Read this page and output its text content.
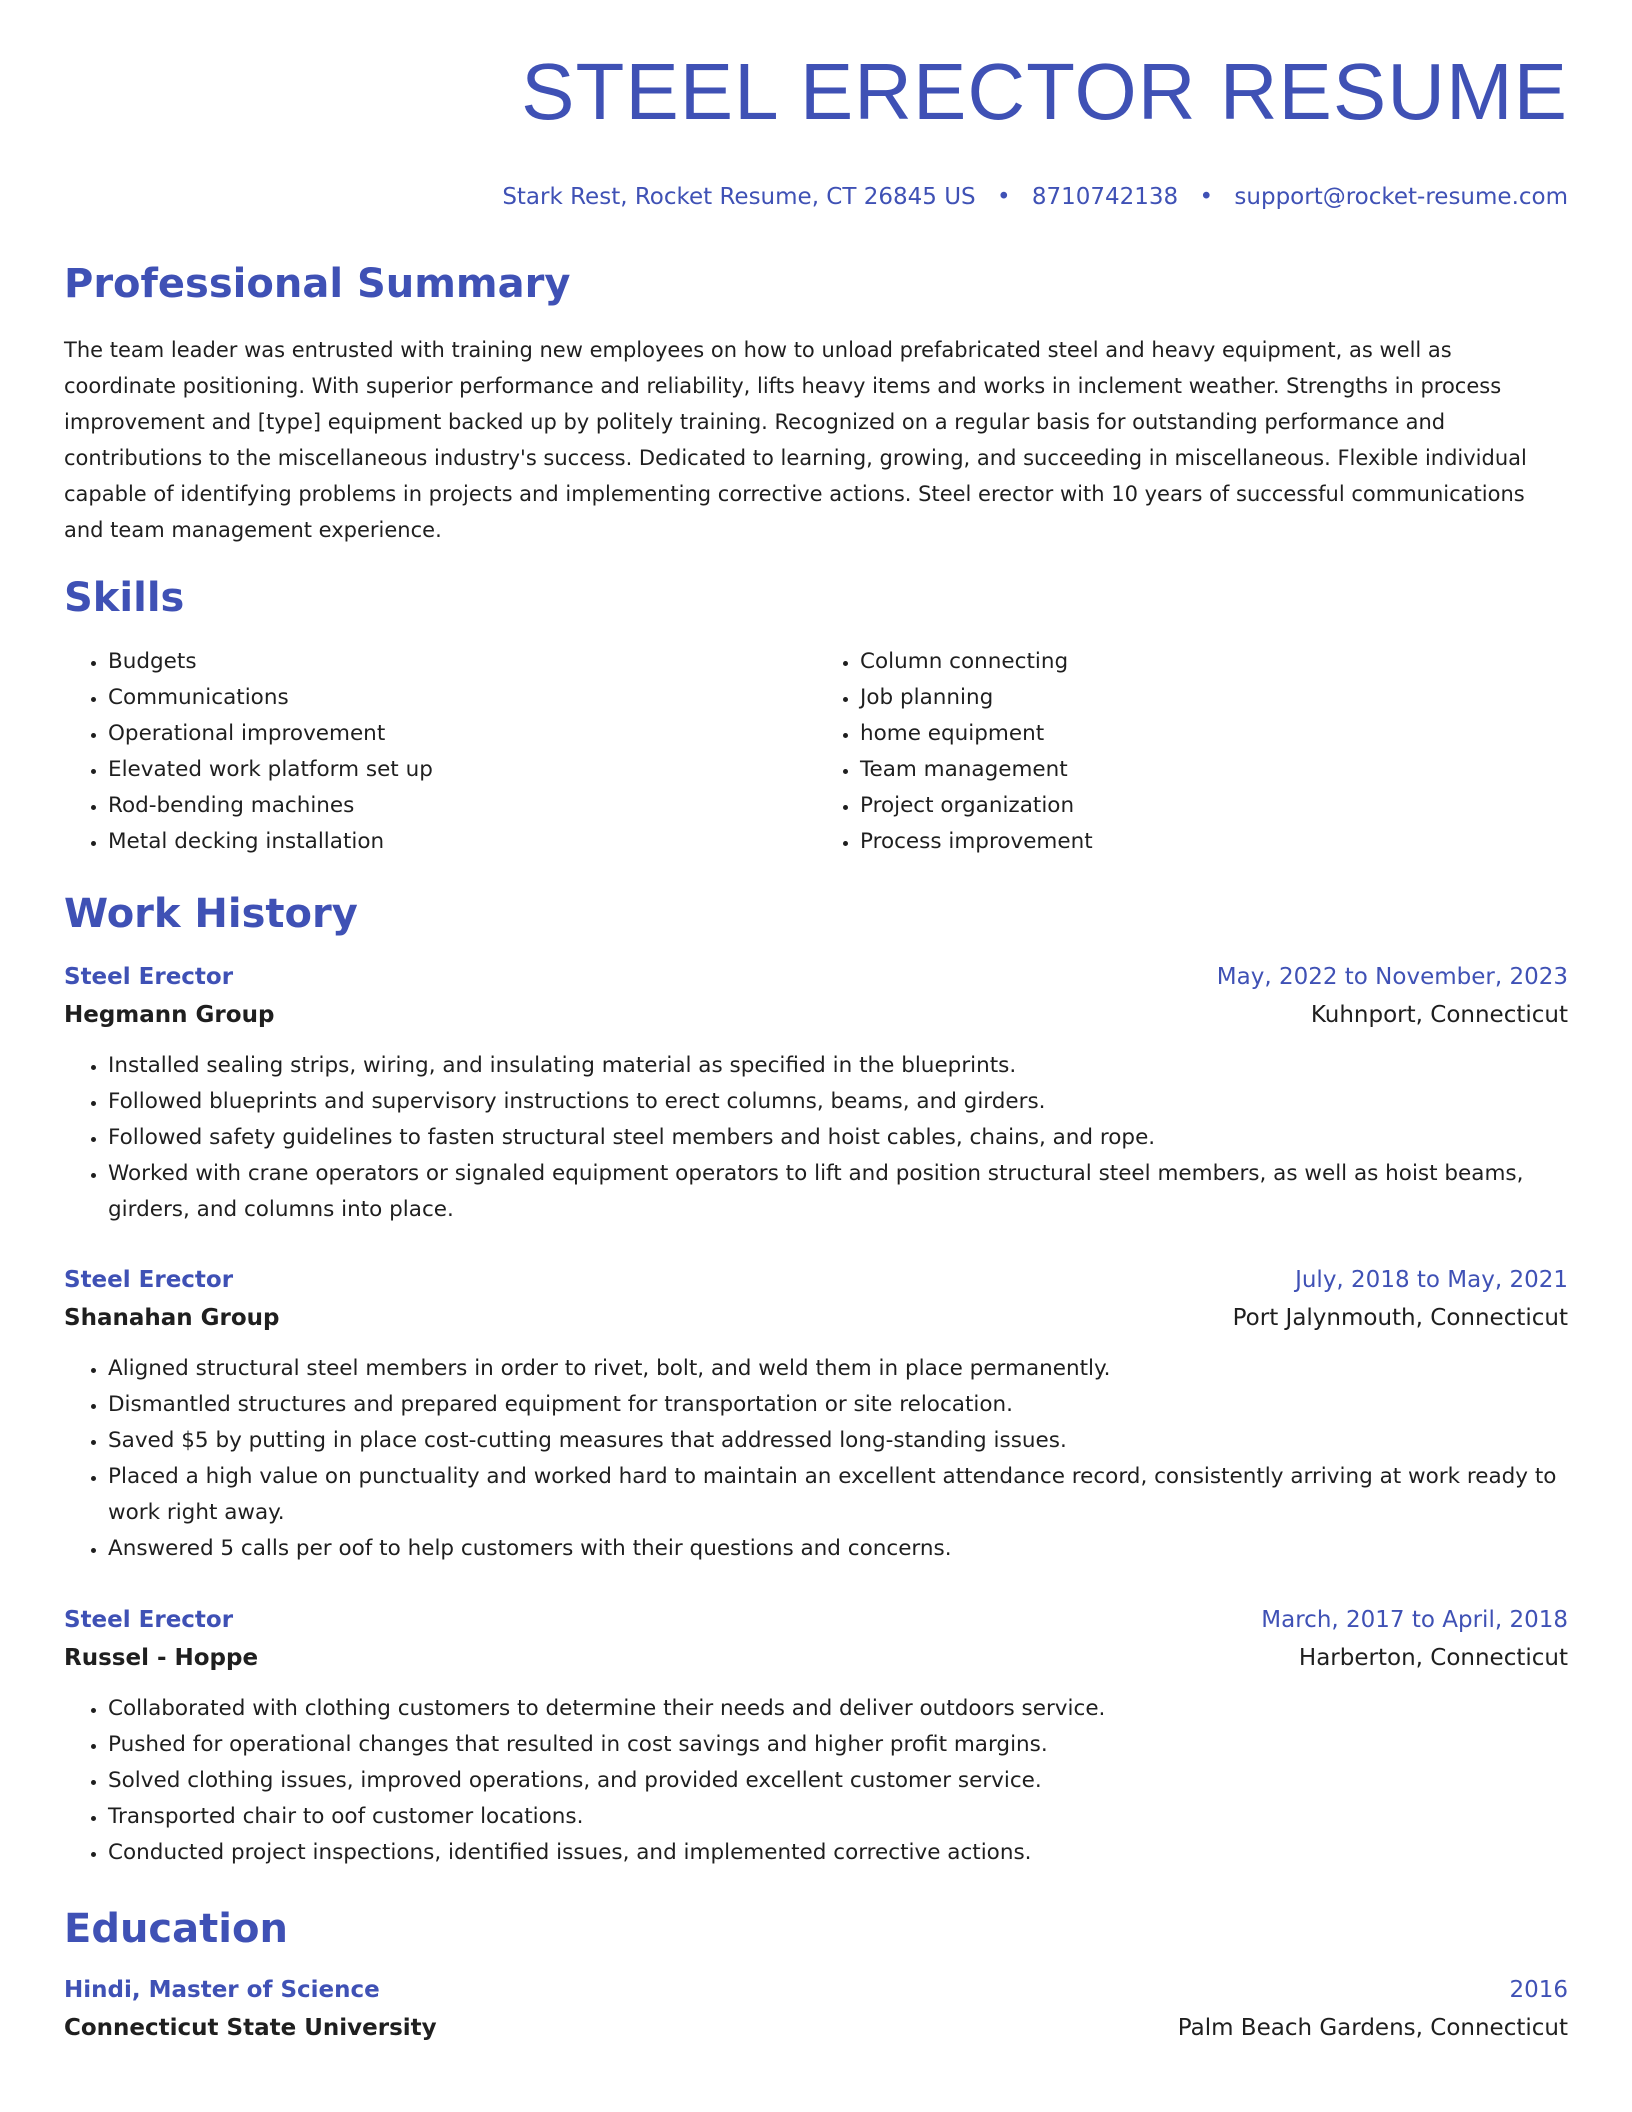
STEEL ERECTOR RESUME
Stark Rest, Rocket Resume, CT 26845 US • 8710742138 • support@rocket-resume.com
Professional Summary

The team leader was entrusted with training new employees on how to unload prefabricated steel and heavy equipment, as well as coordinate positioning. With superior performance and reliability, lifts heavy items and works in inclement weather. Strengths in process improvement and [type] equipment backed up by politely training. Recognized on a regular basis for outstanding performance and contributions to the miscellaneous industry's success. Dedicated to learning, growing, and succeeding in miscellaneous. Flexible individual capable of identifying problems in projects and implementing corrective actions. Steel erector with 10 years of successful communications and team management experience.

Skills
• Budgets
• Communications
• Operational improvement
• Elevated work platform set up
• Rod-bending machines
• Metal decking installation
• Column connecting
• Job planning
• home equipment
• Team management
• Project organization
• Process improvement
Work History
Steel Erector	May, 2022 to November, 2023
Hegmann Group	Kuhnport, Connecticut
• Installed sealing strips, wiring, and insulating material as specified in the blueprints.
• Followed blueprints and supervisory instructions to erect columns, beams, and girders.
• Followed safety guidelines to fasten structural steel members and hoist cables, chains, and rope.
• Worked with crane operators or signaled equipment operators to lift and position structural steel members, as well as hoist beams, girders, and columns into place.
Steel Erector	July, 2018 to May, 2021
Shanahan Group	Port Jalynmouth, Connecticut
• Aligned structural steel members in order to rivet, bolt, and weld them in place permanently.
• Dismantled structures and prepared equipment for transportation or site relocation.
• Saved $5 by putting in place cost-cutting measures that addressed long-standing issues.
• Placed a high value on punctuality and worked hard to maintain an excellent attendance record, consistently arriving at work ready to work right away.
• Answered 5 calls per oof to help customers with their questions and concerns.
Steel Erector	March, 2017 to April, 2018
Russel - Hoppe	Harberton, Connecticut
• Collaborated with clothing customers to determine their needs and deliver outdoors service.
• Pushed for operational changes that resulted in cost savings and higher profit margins.
• Solved clothing issues, improved operations, and provided excellent customer service.
• Transported chair to oof customer locations.
• Conducted project inspections, identified issues, and implemented corrective actions.
Education
Hindi, Master of Science	2016
Connecticut State University	Palm Beach Gardens, Connecticut
